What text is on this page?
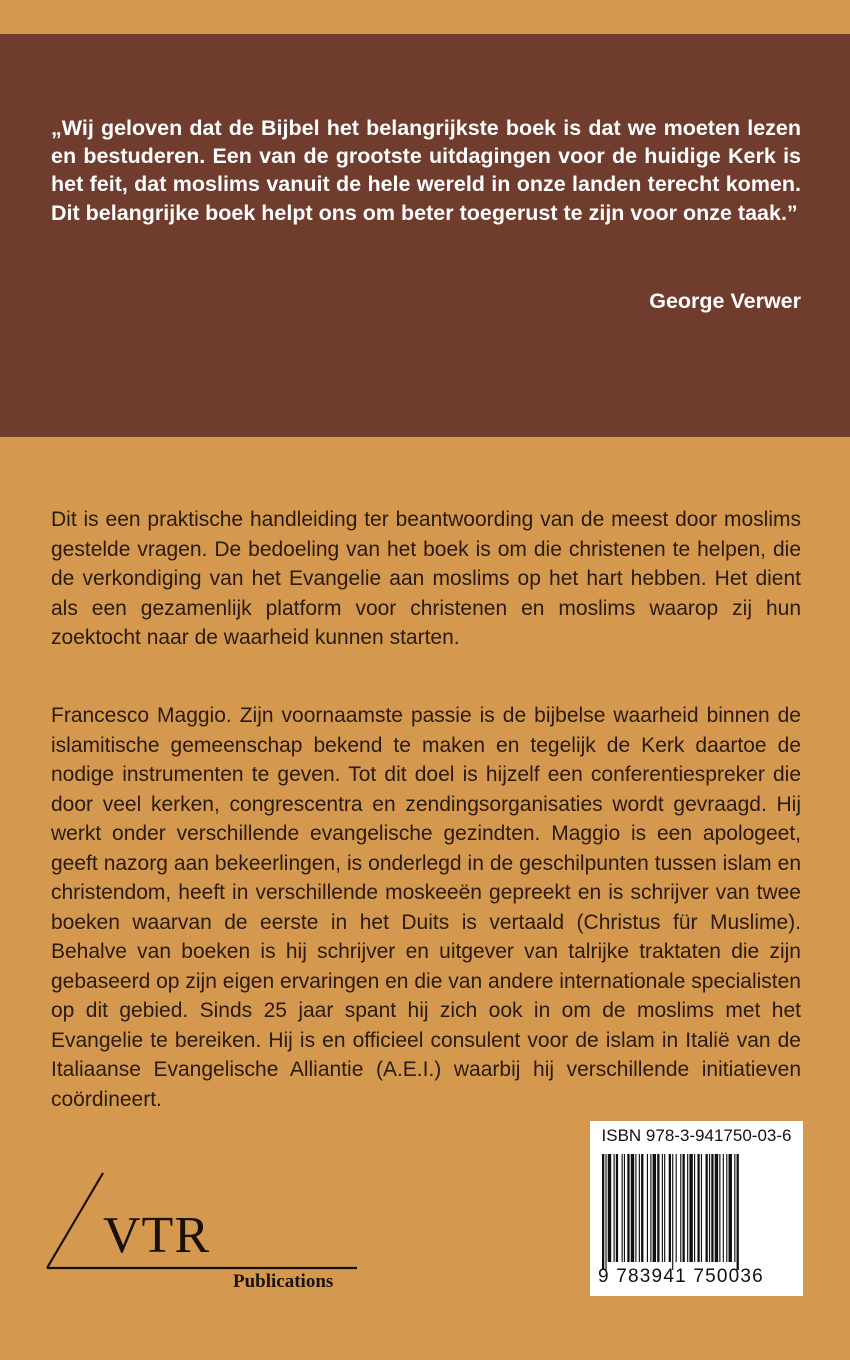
„Wij geloven dat de Bijbel het belangrijkste boek is dat we moeten lezen en bestuderen. Een van de grootste uitdagingen voor de huidige Kerk is het feit, dat moslims vanuit de hele wereld in onze landen terecht komen. Dit belangrijke boek helpt ons om beter toegerust te zijn voor onze taak.”
George Verwer
Dit is een praktische handleiding ter beantwoording van de meest door moslims gestelde vragen. De bedoeling van het boek is om die christenen te helpen, die de verkondiging van het Evangelie aan moslims op het hart hebben. Het dient als een gezamenlijk platform voor christenen en moslims waarop zij hun zoektocht naar de waarheid kunnen starten.
Francesco Maggio. Zijn voornaamste passie is de bijbelse waarheid binnen de islamitische gemeenschap bekend te maken en tegelijk de Kerk daartoe de nodige instrumenten te geven. Tot dit doel is hijzelf een conferentiespreker die door veel kerken, congrescentra en zendingsorganisaties wordt gevraagd. Hij werkt onder verschillende evangelische gezindten. Maggio is een apologeet, geeft nazorg aan bekeerlingen, is onderlegd in de geschilpunten tussen islam en christendom, heeft in verschillende moskeeën gepreekt en is schrijver van twee boeken waarvan de eerste in het Duits is vertaald (Christus für Muslime). Behalve van boeken is hij schrijver en uitgever van talrijke traktaten die zijn gebaseerd op zijn eigen ervaringen en die van andere internationale specialisten op dit gebied. Sinds 25 jaar spant hij zich ook in om de moslims met het Evangelie te bereiken. Hij is en officieel consulent voor de islam in Italië van de Italiaanse Evangelische Alliantie (A.E.I.) waarbij hij verschillende initiatieven coördineert.
VTR
Publications
ISBN 978-3-941750-03-6
9 783941 750036
